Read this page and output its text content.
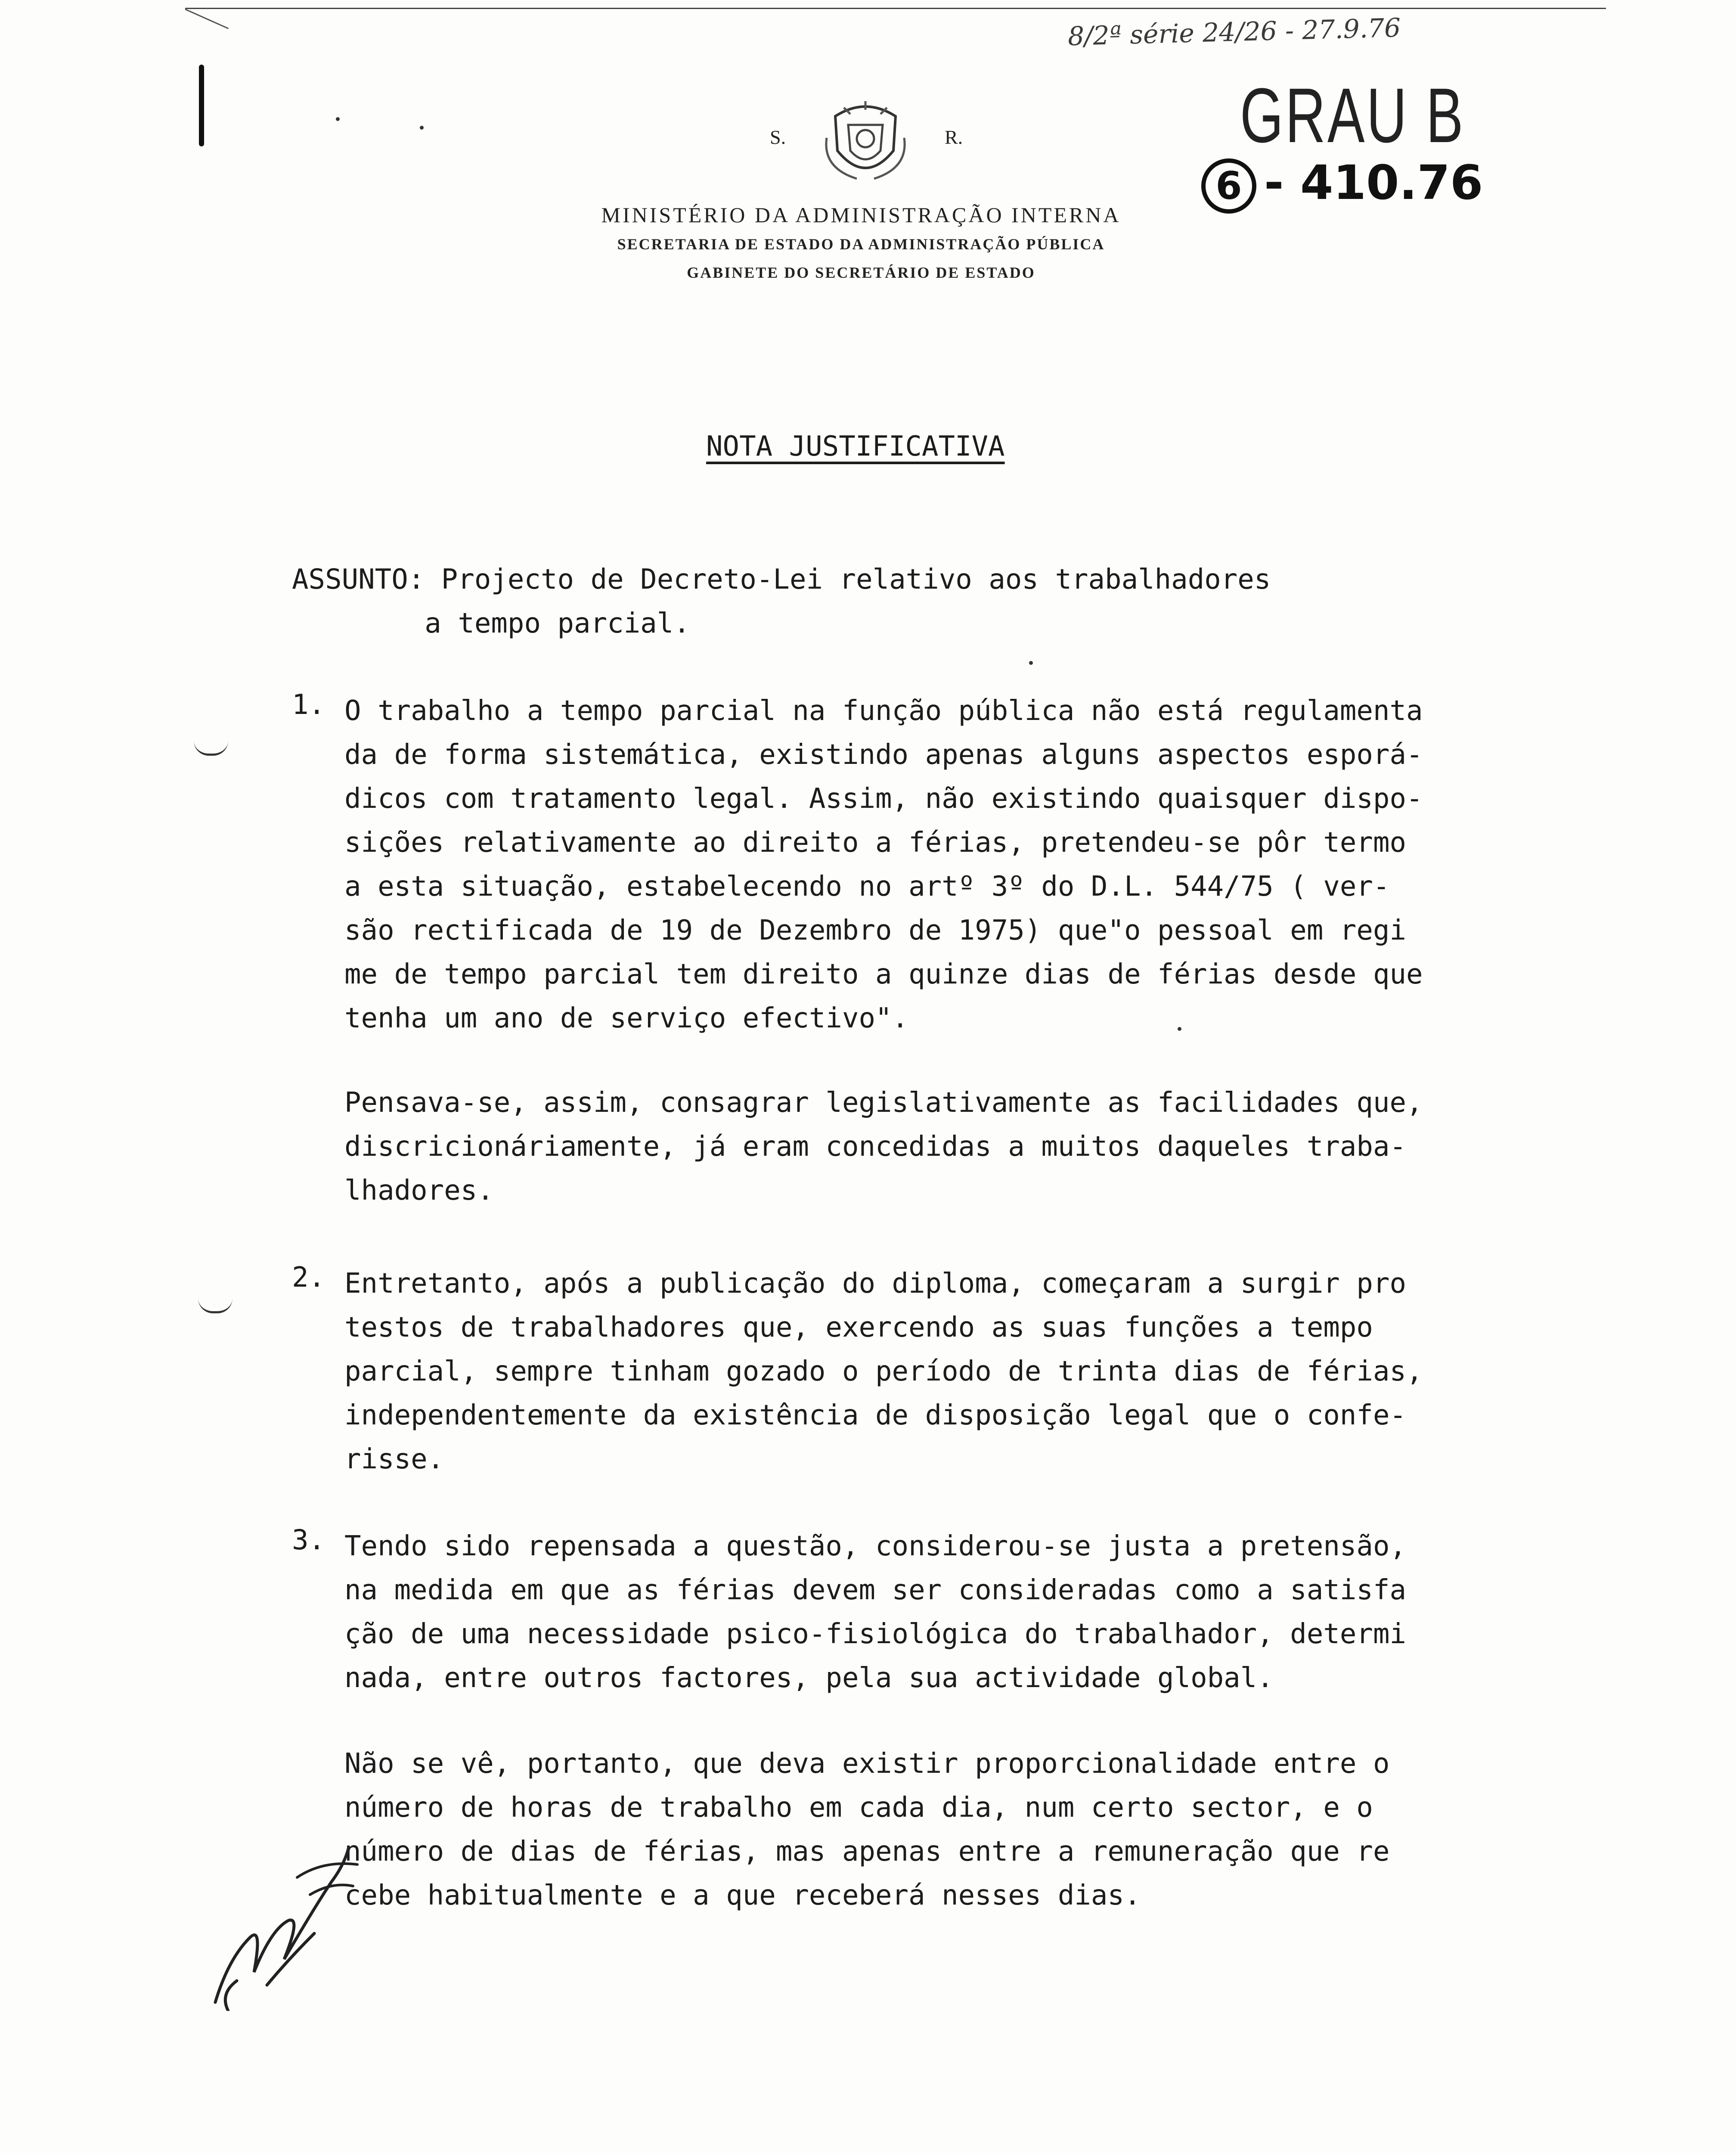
8/2ª série 24/26 - 27.9.76
GRAU B
6 - 410.76
S.	R.
MINISTÉRIO DA ADMINISTRAÇÃO INTERNA
SECRETARIA DE ESTADO DA ADMINISTRAÇÃO PÚBLICA
GABINETE DO SECRETÁRIO DE ESTADO
NOTA JUSTIFICATIVA
ASSUNTO: Projecto de Decreto-Lei relativo aos trabalhadores
a tempo parcial.
1. O trabalho a tempo parcial na função pública não está regulamenta
da de forma sistemática, existindo apenas alguns aspectos esporá-
dicos com tratamento legal. Assim, não existindo quaisquer dispo-
sições relativamente ao direito a férias, pretendeu-se pôr termo
a esta situação, estabelecendo no artº 3º do D.L. 544/75 ( ver-
são rectificada de 19 de Dezembro de 1975) que"o pessoal em regi
me de tempo parcial tem direito a quinze dias de férias desde que
tenha um ano de serviço efectivo".
Pensava-se, assim, consagrar legislativamente as facilidades que,
discricionáriamente, já eram concedidas a muitos daqueles traba-
lhadores.
2. Entretanto, após a publicação do diploma, começaram a surgir pro
testos de trabalhadores que, exercendo as suas funções a tempo
parcial, sempre tinham gozado o período de trinta dias de férias,
independentemente da existência de disposição legal que o confe-
risse.
3. Tendo sido repensada a questão, considerou-se justa a pretensão,
na medida em que as férias devem ser consideradas como a satisfa
ção de uma necessidade psico-fisiológica do trabalhador, determi
nada, entre outros factores, pela sua actividade global.
Não se vê, portanto, que deva existir proporcionalidade entre o
número de horas de trabalho em cada dia, num certo sector, e o
número de dias de férias, mas apenas entre a remuneração que re
cebe habitualmente e a que receberá nesses dias.
